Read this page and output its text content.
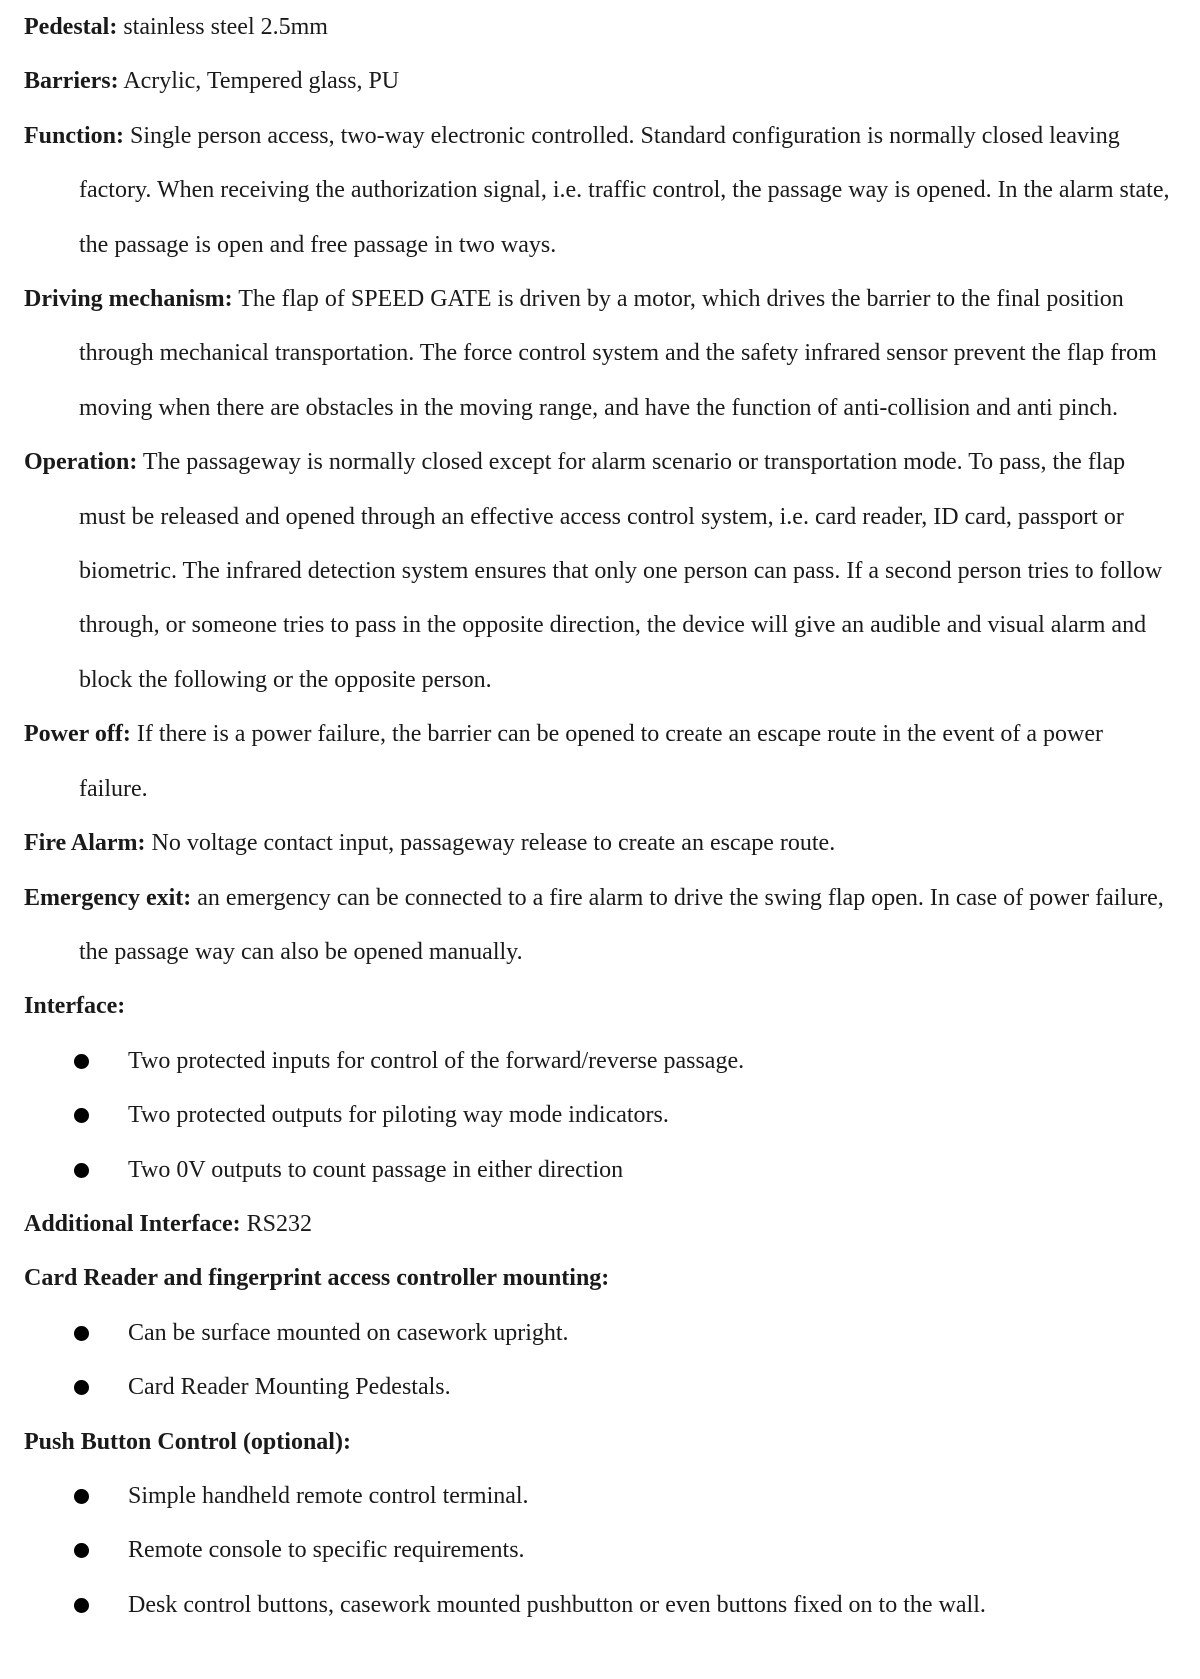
Pedestal: stainless steel 2.5mm

Barriers: Acrylic, Tempered glass, PU

Function: Single person access, two-way electronic controlled. Standard configuration is normally closed leaving factory. When receiving the authorization signal, i.e. traffic control, the passage way is opened. In the alarm state, the passage is open and free passage in two ways.

Driving mechanism: The flap of SPEED GATE is driven by a motor, which drives the barrier to the final position through mechanical transportation. The force control system and the safety infrared sensor prevent the flap from moving when there are obstacles in the moving range, and have the function of anti-collision and anti pinch.

Operation: The passageway is normally closed except for alarm scenario or transportation mode. To pass, the flap must be released and opened through an effective access control system, i.e. card reader, ID card, passport or biometric. The infrared detection system ensures that only one person can pass. If a second person tries to follow through, or someone tries to pass in the opposite direction, the device will give an audible and visual alarm and block the following or the opposite person.

Power off: If there is a power failure, the barrier can be opened to create an escape route in the event of a power failure.

Fire Alarm: No voltage contact input, passageway release to create an escape route.

Emergency exit: an emergency can be connected to a fire alarm to drive the swing flap open. In case of power failure, the passage way can also be opened manually.

Interface:

Two protected inputs for control of the forward/reverse passage.
Two protected outputs for piloting way mode indicators.
Two 0V outputs to count passage in either direction

Additional Interface: RS232

Card Reader and fingerprint access controller mounting:

Can be surface mounted on casework upright.
Card Reader Mounting Pedestals.

Push Button Control (optional):

Simple handheld remote control terminal.
Remote console to specific requirements.
Desk control buttons, casework mounted pushbutton or even buttons fixed on to the wall.
